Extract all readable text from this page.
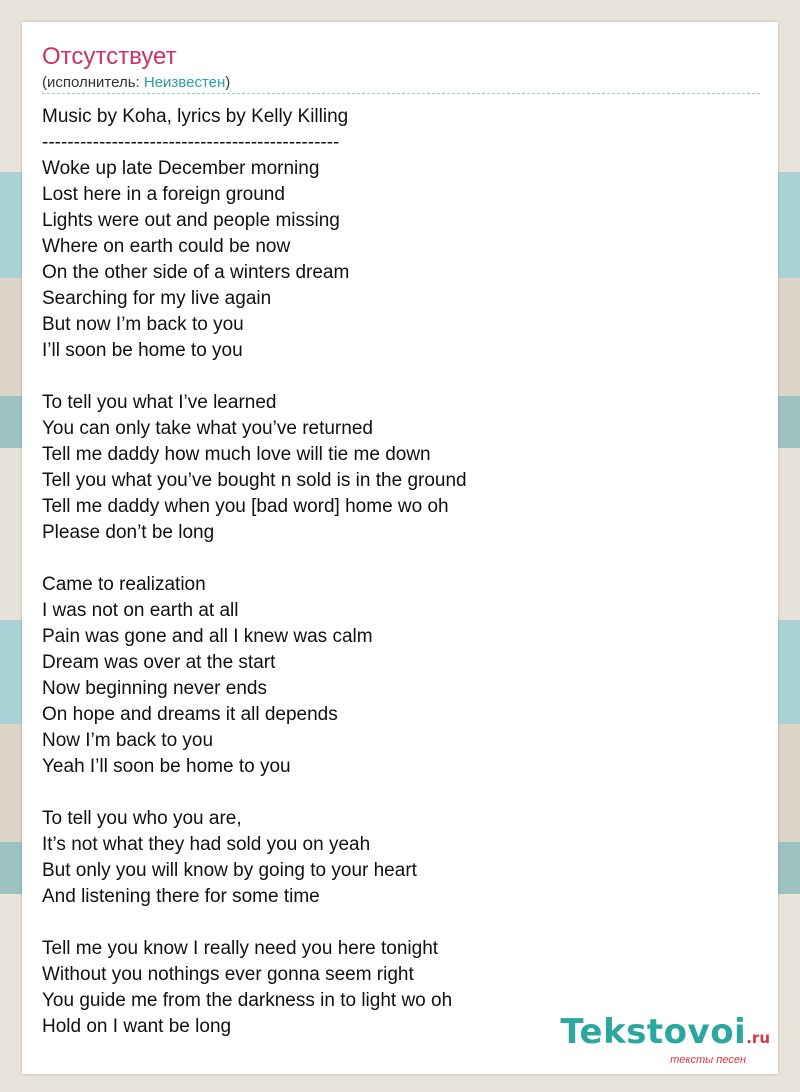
Отсутствует
(исполнитель: Неизвестен)
Music by Koha, lyrics by Kelly Killing
-----------------------------------------------
Woke up late December morning
Lost here in a foreign ground
Lights were out and people missing
Where on earth could be now
On the other side of a winters dream
Searching for my live again
But now I’m back to you
I’ll soon be home to you
To tell you what I’ve learned
You can only take what you’ve returned
Tell me daddy how much love will tie me down
Tell you what you’ve bought n sold is in the ground
Tell me daddy when you [bad word] home wo oh
Please don’t be long
Came to realization
I was not on earth at all
Pain was gone and all I knew was calm
Dream was over at the start
Now beginning never ends
On hope and dreams it all depends
Now I’m back to you
Yeah I’ll soon be home to you
To tell you who you are,
It’s not what they had sold you on yeah
But only you will know by going to your heart
And listening there for some time
Tell me you know I really need you here tonight
Without you nothings ever gonna seem right
You guide me from the darkness in to light wo oh
Hold on I want be long	Tekstovoi.ru
тексты песен
